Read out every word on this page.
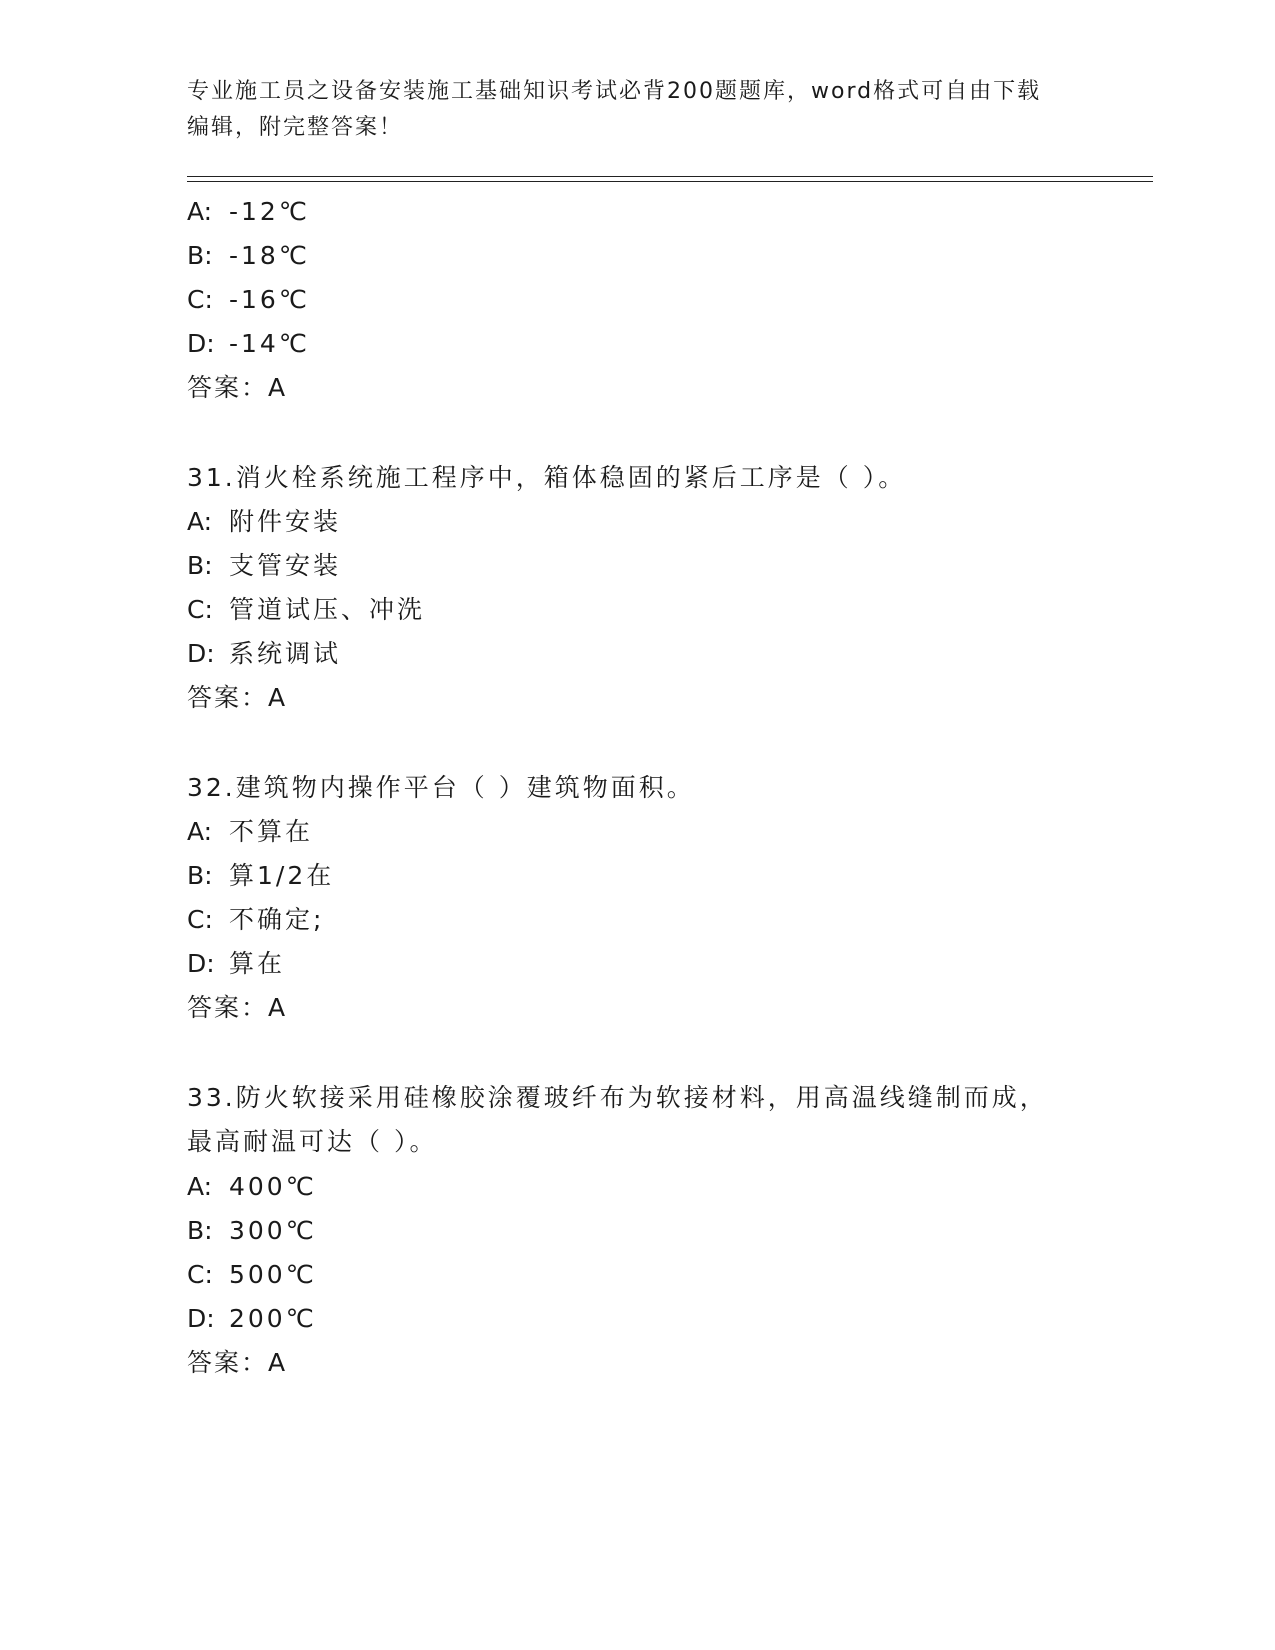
专业施工员之设备安装施工基础知识考试必背200题题库，word格式可自由下载
编辑，附完整答案！
A: -12℃
B: -18℃
C: -16℃
D: -14℃
答案：A
31.消火栓系统施工程序中，箱体稳固的紧后工序是（ ）。
A: 附件安装
B: 支管安装
C: 管道试压、冲洗
D: 系统调试
答案：A
32.建筑物内操作平台（ ）建筑物面积。
A: 不算在
B: 算1/2在
C: 不确定;
D: 算在
答案：A
33.防火软接采用硅橡胶涂覆玻纤布为软接材料，用高温线缝制而成，
最高耐温可达（ ）。
A: 400℃
B: 300℃
C: 500℃
D: 200℃
答案：A
